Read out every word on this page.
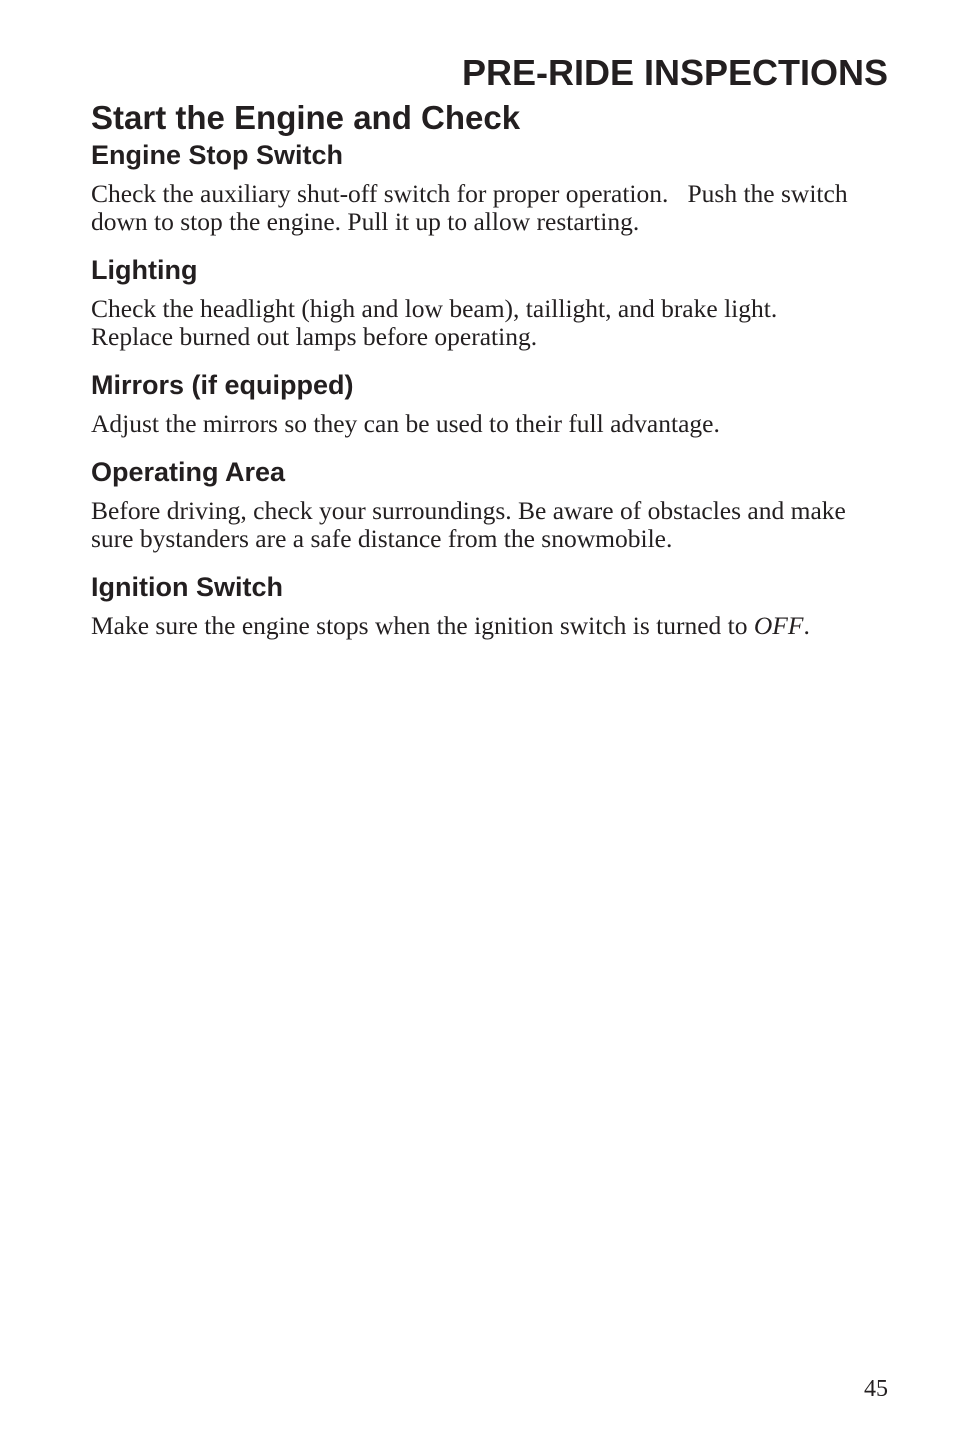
PRE-RIDE INSPECTIONS
Start the Engine and Check
Engine Stop Switch

Check the auxiliary shut-off switch for proper operation.   Push the switch down to stop the engine. Pull it up to allow restarting.

Lighting

Check the headlight (high and low beam), taillight, and brake light. Replace burned out lamps before operating.

Mirrors (if equipped)

Adjust the mirrors so they can be used to their full advantage.

Operating Area

Before driving, check your surroundings. Be aware of obstacles and make sure bystanders are a safe distance from the snowmobile.

Ignition Switch

Make sure the engine stops when the ignition switch is turned to OFF.

45
